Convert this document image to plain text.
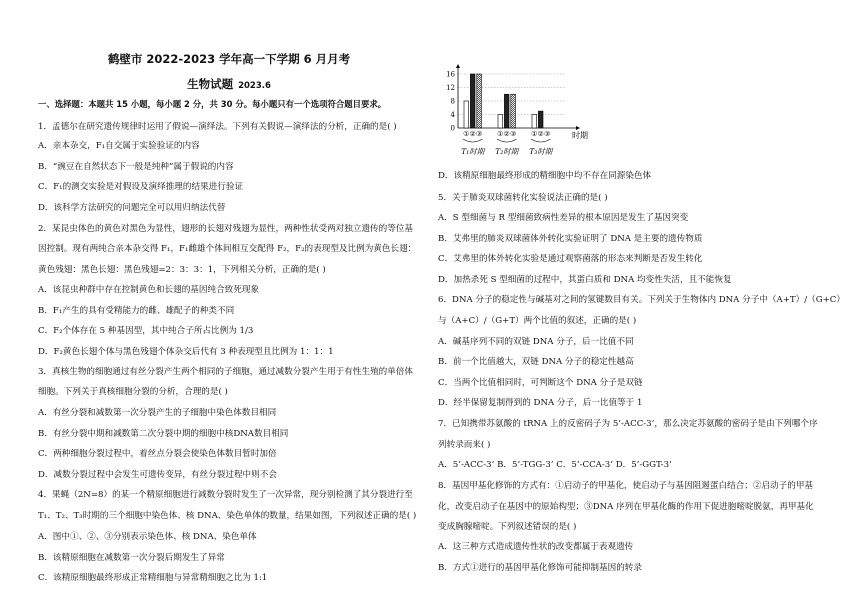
鹤壁市 2022-2023 学年高一下学期 6 月月考
生物试题 2023.6
一、选择题：本题共 15 小题，每小题 2 分，共 30 分。每小题只有一个选项符合题目要求。
1．孟德尔在研究遗传规律时运用了假说—演绎法。下列有关假说—演绎法的分析，正确的是( )
A．亲本杂交，F₁自交属于实验验证的内容
B．“豌豆在自然状态下一般是纯种”属于假说的内容
C．F₁的测交实验是对假设及演绎推理的结果进行验证
D．该科学方法研究的问题完全可以用归纳法代替
2．某昆虫体色的黄色对黑色为显性，翅形的长翅对残翅为显性，两种性状受两对独立遗传的等位基
因控制。现有两纯合亲本杂交得 F₁，F₁雌雄个体间相互交配得 F₂，F₂的表现型及比例为黄色长翅：
黄色残翅：黑色长翅：黑色残翅=2：3：3：1，下列相关分析，正确的是( )
A．该昆虫种群中存在控制黄色和长翅的基因纯合致死现象
B．F₁产生的具有受精能力的雌、雄配子的种类不同
C．F₂个体存在 5 种基因型，其中纯合子所占比例为 1/3
D．F₂黄色长翅个体与黑色残翅个体杂交后代有 3 种表现型且比例为 1：1：1
3．真核生物的细胞通过有丝分裂产生两个相同的子细胞，通过减数分裂产生用于有性生殖的单倍体
细胞。下列关于真核细胞分裂的分析，合理的是( )
A．有丝分裂和减数第一次分裂产生的子细胞中染色体数目相同
B．有丝分裂中期和减数第二次分裂中期的细胞中核DNA数目相同
C．两种细胞分裂过程中，着丝点分裂会使染色体数目暂时加倍
D．减数分裂过程中会发生可遗传变异，有丝分裂过程中则不会
4．果蝇（2N=8）的某一个精原细胞进行减数分裂时发生了一次异常，现分别检测了其分裂进行至
T₁、T₂、T₃时期的三个细胞中染色体、核 DNA、染色单体的数量，结果如图，下列叙述正确的是( )
A．图中①、②、③分别表示染色体、核 DNA、染色单体
B．该精原细胞在减数第一次分裂后期发生了异常
C．该精原细胞最终形成正常精细胞与异常精细胞之比为 1:1
D．该精原细胞最终形成的精细胞中均不存在同源染色体
5．关于肺炎双球菌转化实验说法正确的是( )
A．S 型细菌与 R 型细菌致病性差异的根本原因是发生了基因突变
B．艾弗里的肺炎双球菌体外转化实验证明了 DNA 是主要的遗传物质
C．艾弗里的体外转化实验是通过观察菌落的形态来判断是否发生转化
D．加热杀死 S 型细菌的过程中，其蛋白质和 DNA 均变性失活，且不能恢复
6．DNA 分子的稳定性与碱基对之间的氢键数目有关。下列关于生物体内 DNA 分子中（A+T）/（G+C）
与（A+C）/（G+T）两个比值的叙述，正确的是( )
A．碱基序列不同的双链 DNA 分子，后一比值不同
B．前一个比值越大，双链 DNA 分子的稳定性越高
C．当两个比值相同时，可判断这个 DNA 分子是双链
D．经半保留复制得到的 DNA 分子，后一比值等于 1
7．已知携带苏氨酸的 tRNA 上的反密码子为 5’-ACC-3’，那么决定苏氨酸的密码子是由下列哪个序
列转录而来( )
A．5’-ACC-3’ B．5’-TGG-3’ C．5’-CCA-3’ D．5’-GGT-3’
8．基因甲基化修饰的方式有：①启动子的甲基化，使启动子与基因阻遏蛋白结合；②启动子的甲基
化，改变启动子在基因中的原始构型；③DNA 序列在甲基化酶的作用下促进胞嘧啶脱氨，再甲基化
变成胸腺嘧啶。下列叙述错误的是( )
A．这三种方式造成遗传性状的改变都属于表观遗传
B．方式①进行的基因甲基化修饰可能抑制基因的转录
16
12
8
4
0
① ② ③
T₁时期
① ② ③
T₂时期
① ② ③
T₃时期
时期
